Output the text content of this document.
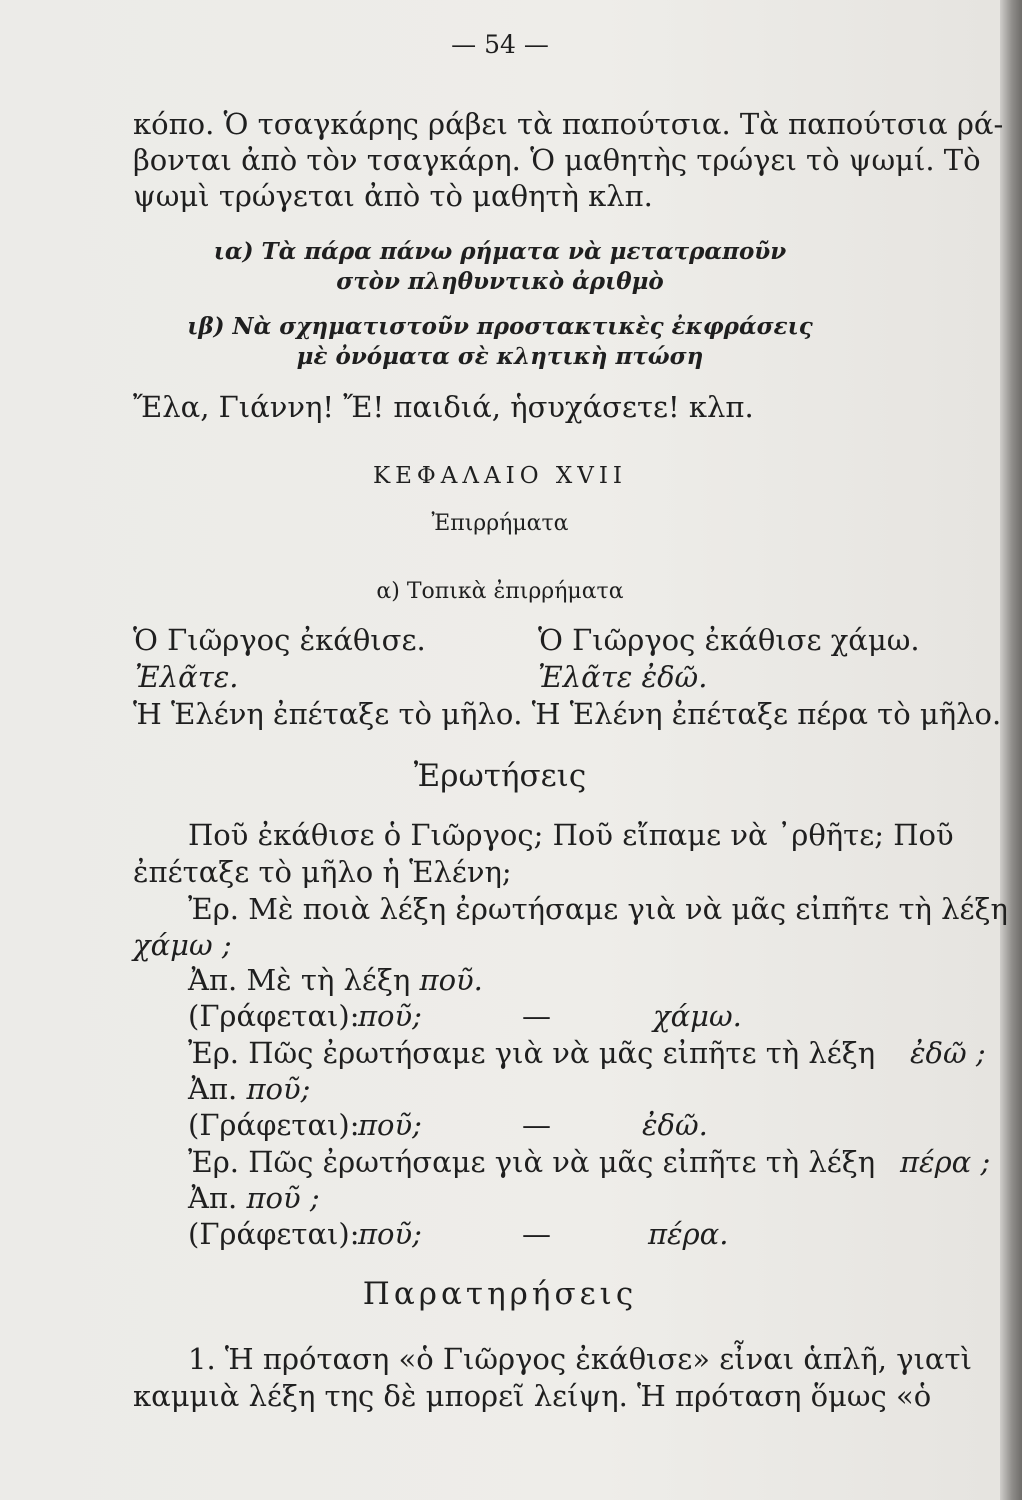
— 54 —
κόπο. Ὁ τσαγκάρης ράβει τὰ παπούτσια. Τὰ παπούτσια ρά-
βονται ἀπὸ τὸν τσαγκάρη. Ὁ μαθητὴς τρώγει τὸ ψωμί. Τὸ
ψωμὶ τρώγεται ἀπὸ τὸ μαθητὴ κλπ.
ια) Τὰ πάρα πάνω ρήματα νὰ μετατραποῦν
στὸν πληθυντικὸ ἀριθμὸ
ιβ) Νὰ σχηματιστοῦν προστακτικὲς ἐκφράσεις
μὲ ὀνόματα σὲ κλητικὴ πτώση
Ἔλα, Γιάννη! Ἔ! παιδιά, ἡσυχάσετε! κλπ.
ΚΕΦΑΛΑΙΟ XVII
Ἐπιρρήματα
α) Τοπικὰ ἐπιρρήματα
Ὁ Γιῶργος ἐκάθισε.	Ὁ Γιῶργος ἐκάθισε χάμω.
Ἐλᾶτε.	Ἐλᾶτε ἐδῶ.
Ἡ Ἑλένη ἐπέταξε τὸ μῆλο. Ἡ Ἑλένη ἐπέταξε πέρα τὸ μῆλο.
Ἐρωτήσεις
Ποῦ ἐκάθισε ὁ Γιῶργος; Ποῦ εἴπαμε νὰ ᾿ρθῆτε; Ποῦ
ἐπέταξε τὸ μῆλο ἡ Ἑλένη;
Ἐρ. Μὲ ποιὰ λέξη ἐρωτήσαμε γιὰ νὰ μᾶς εἰπῆτε τὴ λέξη
χάμω ;
Ἀπ. Μὲ τὴ λέξη ποῦ.
(Γράφεται):
ποῦ;	—	χάμω.
Ἐρ. Πῶς ἐρωτήσαμε γιὰ νὰ μᾶς εἰπῆτε τὴ λέξη ἐδῶ ;
Ἀπ. ποῦ;
(Γράφεται):
ποῦ;	—	ἐδῶ.
Ἐρ. Πῶς ἐρωτήσαμε γιὰ νὰ μᾶς εἰπῆτε τὴ λέξη πέρα ;
Ἀπ. ποῦ ;
(Γράφεται):
ποῦ;	—	πέρα.
Παρατηρήσεις
1. Ἡ πρόταση «ὁ Γιῶργος ἐκάθισε» εἶναι ἁπλῆ, γιατὶ
καμμιὰ λέξη της δὲ μπορεῖ λείψη. Ἡ πρόταση ὅμως «ὁ
